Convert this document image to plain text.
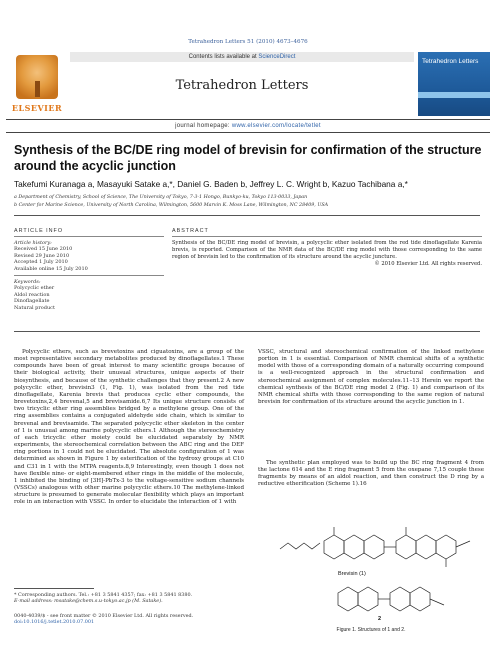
Tetrahedron Letters 51 (2010) 4673–4676
ELSEVIER
Contents lists available at ScienceDirect
Tetrahedron Letters
Tetrahedron Letters
journal homepage: www.elsevier.com/locate/tetlet
Synthesis of the BC/DE ring model of brevisin for confirmation of the structure around the acyclic junction
Takefumi Kuranaga a, Masayuki Satake a,*, Daniel G. Baden b, Jeffrey L. C. Wright b, Kazuo Tachibana a,*
a Department of Chemistry, School of Science, The University of Tokyo, 7-3-1 Hongo, Bunkyo-ku, Tokyo 113-0033, Japan
b Center for Marine Science, University of North Carolina, Wilmington, 5600 Marvin K. Moss Lane, Wilmington, NC 28409, USA
ARTICLE INFO
Article history:
Received 15 June 2010
Revised 29 June 2010
Accepted 1 July 2010
Available online 15 July 2010
Keywords:
Polycyclic ether
Aldol reaction
Dinoflagellate
Natural product
ABSTRACT
Synthesis of the BC/DE ring model of brevisin, a polycyclic ether isolated from the red tide dinoflagellate Karenia brevis, is reported. Comparison of the NMR data of the BC/DE ring model with those corresponding to the same region of brevisin led to the confirmation of its structure around the acyclic juncture.
© 2010 Elsevier Ltd. All rights reserved.
Polycyclic ethers, such as brevetoxins and ciguatoxins, are a group of the most representative secondary metabolites produced by dinoflagellates.1 These compounds have been of great interest to many scientific groups because of their biological activity, their unusual structures, unique aspects of their biosynthesis, and because of the synthetic challenges that they present.2 A new polycyclic ether, brevisin3 (1, Fig. 1), was isolated from the red tide dinoflagellate, Karenia brevis that produces cyclic ether compounds, the brevetoxins,2,4 brevenal,5 and brevisamide.6,7 Its unique structure consists of two tricyclic ether ring assemblies bridged by a methylene group. One of the ring assemblies contains a conjugated aldehyde side chain, which is similar to brevenal and brevisamide. The separated polycyclic ether skeleton in the center of 1 is unusual among marine polycyclic ethers.1 Although the stereochemistry of each tricyclic ether moiety could be elucidated separately by NMR experiments, the stereochemical correlation between the ABC ring and the DEF ring portions in 1 could not be elucidated. The absolute configuration of 1 was determined as shown in Figure 1 by esterification of the hydroxy groups at C10 and C31 in 1 with the MTPA reagents.8,9 Interestingly, even though 1 does not have flexible nine- or eight-membered ether rings in the middle of the molecule, 1 inhibited the binding of [3H]-PbTx-3 to the voltage-sensitive sodium channels (VSSCs) analogous with other marine polycyclic ethers.10 The methylene-linked structure is presumed to generate molecular flexibility which plays an important role in an interaction with VSSC. In order to elucidate the interaction of 1 with
VSSC, structural and stereochemical confirmation of the linked methylene portion in 1 is essential. Comparison of NMR chemical shifts of a synthetic model with those of a corresponding domain of a naturally occurring compound is a well-recognized approach in the structural confirmation and stereochemical assignment of complex molecules.11–13 Herein we report the chemical synthesis of the BC/DE ring model 2 (Fig. 1) and comparison of its NMR chemical shifts with those corresponding to the same region of natural brevisin for confirmation of its structure around the acyclic junction in 1.
The synthetic plan employed was to build up the BC ring fragment 4 from the lactone 614 and the E ring fragment 5 from the oxepane 7,15 couple these fragments by means of an aldol reaction, and then construct the D ring by a reductive etherification (Scheme 1).16
Brevisin (1)
2
Figure 1. Structures of 1 and 2.
* Corresponding authors. Tel.: +81 3 5841 4357; fax: +81 3 5841 8380.
E-mail address: msatake@chem.s.u-tokyo.ac.jp (M. Satake).
0040-4039/$ - see front matter © 2010 Elsevier Ltd. All rights reserved.
doi:10.1016/j.tetlet.2010.07.001
